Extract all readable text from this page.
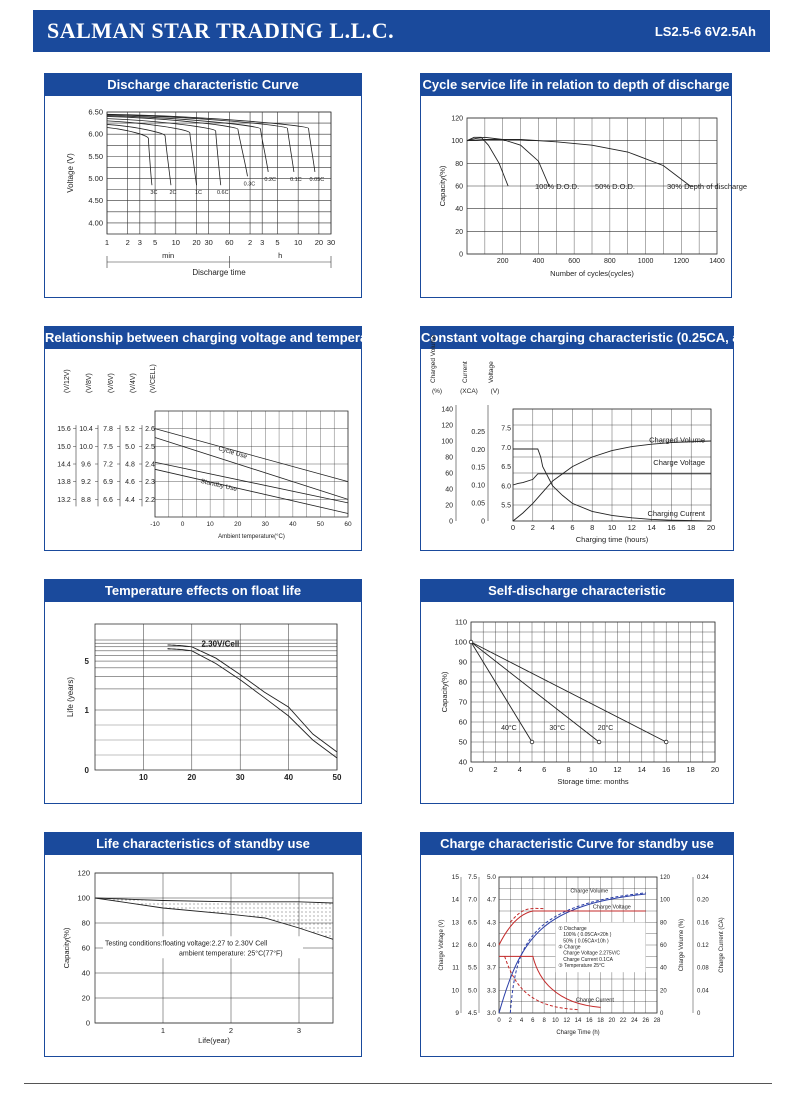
SALMAN STAR TRADING L.L.C.	LS2.5-6 6V2.5Ah
Discharge characteristic Curve
6.50
6.00
5.50
5.00
4.50
4.00
1 2 3 5 10 20 30 60 2 3 5 10 20 30
Voltage (V)
min	h
Discharge time
3C 2C	1C	0.6C
0.3C
0.2C	0.1C 0.05C
Cycle service life in relation to depth of discharge
0
20
40
60
80
100
120
200	400	600	800	1000	1200	1400
Number of cycles(cycles)
Capacity(%)	100% D.O.D. 50% D.O.D.	30% Depth of discharge
Relationship between charging voltage and temperature
-10	0	10	20	30	40	50	60
Ambient temperature(°C)
(V/12V) (V/8V) (V/6V) (V/4V) (V/CELL)
15.6
15.0
14.4
13.8
13.2
10.4
10.0
9.6
9.2
8.8
7.8
7.5
7.2
6.9
6.6
5.2
5.0
4.8
4.6
4.4
2.6
2.5
2.4
2.3
2.2
Cycle Use
Standby Use
Constant voltage charging characteristic (0.25CA, at 25°C)
0 2 4 6 8 10 12 14 16 18 20
Charging time (hours)
0
20
40
60
80
100
120
140
0
0.05
0.10
0.15
0.20
0.25
5.5
6.0
6.5
7.0
7.5
(%)
Charged Volume
(XCA)
Current
(V)
Voltage
Charged Volume
Charge Voltage
Charging Current
Temperature effects on float life
10	20	30	40	50
0
1
5
Life (years)
2.30V/Cell
Self-discharge characteristic
40
50
60
70
80
90
100
110
0	2	4	6	8 10 12 14 16 18 20
Storage time: months
Capacity(%)
40°C	30°C	20°C
Life characteristics of standby use
0
20
40
60
80
100
120
1	2	3
Life(year)
Capacity(%)	Testing conditions:floating voltage:2.27 to 2.30V Cell
ambient temperature: 25°C(77°F)
Charge characteristic Curve for standby use
0 2 4 6 8 10 12 14 16 18 20 22 24 26 28
Charge Time (h)
15
14
13
12
11
10
9
7.5
7.0
6.5
6.0
5.5
5.0
4.5
5.0
4.7
4.3
4.0
3.7
3.3
3.0
120
100
80
60
40
20
0
0.24
0.20
0.16
0.12
0.08
0.04
0
Charge Voltage (V)	Charge Volume (%)	Charge Current (CA)
Charge Volume
Charge Voltage
Charge Current
① Discharge
100% ( 0.05CA×20h )
50% ( 0.05CA×10h )
② Charge
Charge Voltage 2.275V/C
Charge Current 0.1CA
③ Temperature 25°C
